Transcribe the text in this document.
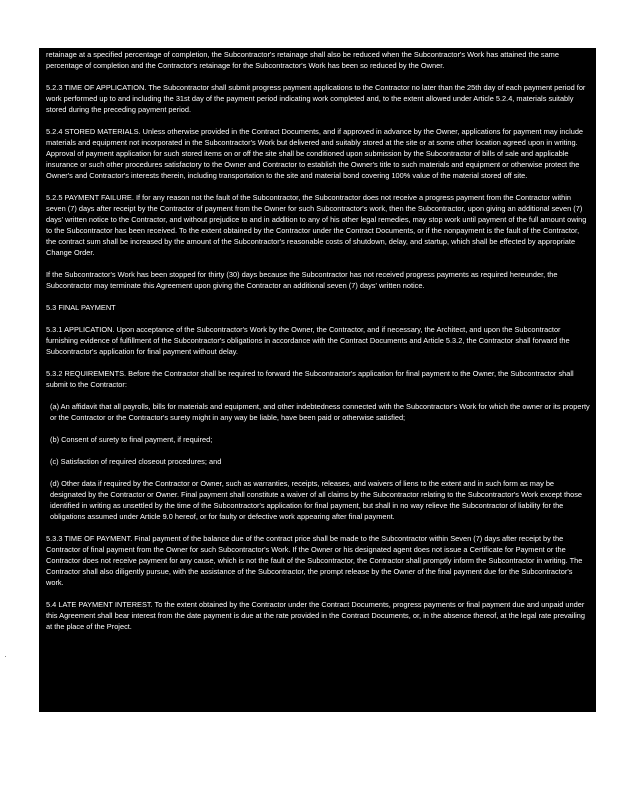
retainage at a specified percentage of completion, the Subcontractor's retainage shall also be reduced when the Subcontractor's Work has attained the same percentage of completion and the Contractor's retainage for the Subcontractor's Work has been so reduced by the Owner.

5.2.3 TIME OF APPLICATION. The Subcontractor shall submit progress payment applications to the Contractor no later than the 25th day of each payment period for work performed up to and including the 31st day of the payment period indicating work completed and, to the extent allowed under Article 5.2.4, materials suitably stored during the preceding payment period.

5.2.4 STORED MATERIALS. Unless otherwise provided in the Contract Documents, and if approved in advance by the Owner, applications for payment may include materials and equipment not incorporated in the Subcontractor's Work but delivered and suitably stored at the site or at some other location agreed upon in writing. Approval of payment application for such stored items on or off the site shall be conditioned upon submission by the Subcontractor of bills of sale and applicable insurance or such other procedures satisfactory to the Owner and Contractor to establish the Owner's title to such materials and equipment or otherwise protect the Owner's and Contractor's interests therein, including transportation to the site and material bond covering 100% value of the material stored off site.

5.2.5 PAYMENT FAILURE. If for any reason not the fault of the Subcontractor, the Subcontractor does not receive a progress payment from the Contractor within seven (7) days after receipt by the Contractor of payment from the Owner for such Subcontractor's work, then the Subcontractor, upon giving an additional seven (7) days' written notice to the Contractor, and without prejudice to and in addition to any of his other legal remedies, may stop work until payment of the full amount owing to the Subcontractor has been received. To the extent obtained by the Contractor under the Contract Documents, or if the nonpayment is the fault of the Contractor, the contract sum shall be increased by the amount of the Subcontractor's reasonable costs of shutdown, delay, and startup, which shall be effected by appropriate Change Order.

If the Subcontractor's Work has been stopped for thirty (30) days because the Subcontractor has not received progress payments as required hereunder, the Subcontractor may terminate this Agreement upon giving the Contractor an additional seven (7) days' written notice.

5.3 FINAL PAYMENT

5.3.1 APPLICATION. Upon acceptance of the Subcontractor's Work by the Owner, the Contractor, and if necessary, the Architect, and upon the Subcontractor furnishing evidence of fulfillment of the Subcontractor's obligations in accordance with the Contract Documents and Article 5.3.2, the Contractor shall forward the Subcontractor's application for final payment without delay.

5.3.2 REQUIREMENTS. Before the Contractor shall be required to forward the Subcontractor's application for final payment to the Owner, the Subcontractor shall submit to the Contractor:

(a) An affidavit that all payrolls, bills for materials and equipment, and other indebtedness connected with the Subcontractor's Work for which the owner or its property or the Contractor or the Contractor's surety might in any way be liable, have been paid or otherwise satisfied;

(b) Consent of surety to final payment, if required;

(c) Satisfaction of required closeout procedures; and

(d) Other data if required by the Contractor or Owner, such as warranties, receipts, releases, and waivers of liens to the extent and in such form as may be designated by the Contractor or Owner. Final payment shall constitute a waiver of all claims by the Subcontractor relating to the Subcontractor's Work except those identified in writing as unsettled by the time of the Subcontractor's application for final payment, but shall in no way relieve the Subcontractor of liability for the obligations assumed under Article 9.0 hereof, or for faulty or defective work appearing after final payment.

5.3.3 TIME OF PAYMENT. Final payment of the balance due of the contract price shall be made to the Subcontractor within Seven (7) days after receipt by the Contractor of final payment from the Owner for such Subcontractor's Work. If the Owner or his designated agent does not issue a Certificate for Payment or the Contractor does not receive payment for any cause, which is not the fault of the Subcontractor, the Contractor shall promptly inform the Subcontractor in writing. The Contractor shall also diligently pursue, with the assistance of the Subcontractor, the prompt release by the Owner of the final payment due for the Subcontractor's work.

5.4 LATE PAYMENT INTEREST. To the extent obtained by the Contractor under the Contract Documents, progress payments or final payment due and unpaid under this Agreement shall bear interest from the date payment is due at the rate provided in the Contract Documents, or, in the absence thereof, at the legal rate prevailing at the place of the Project.
